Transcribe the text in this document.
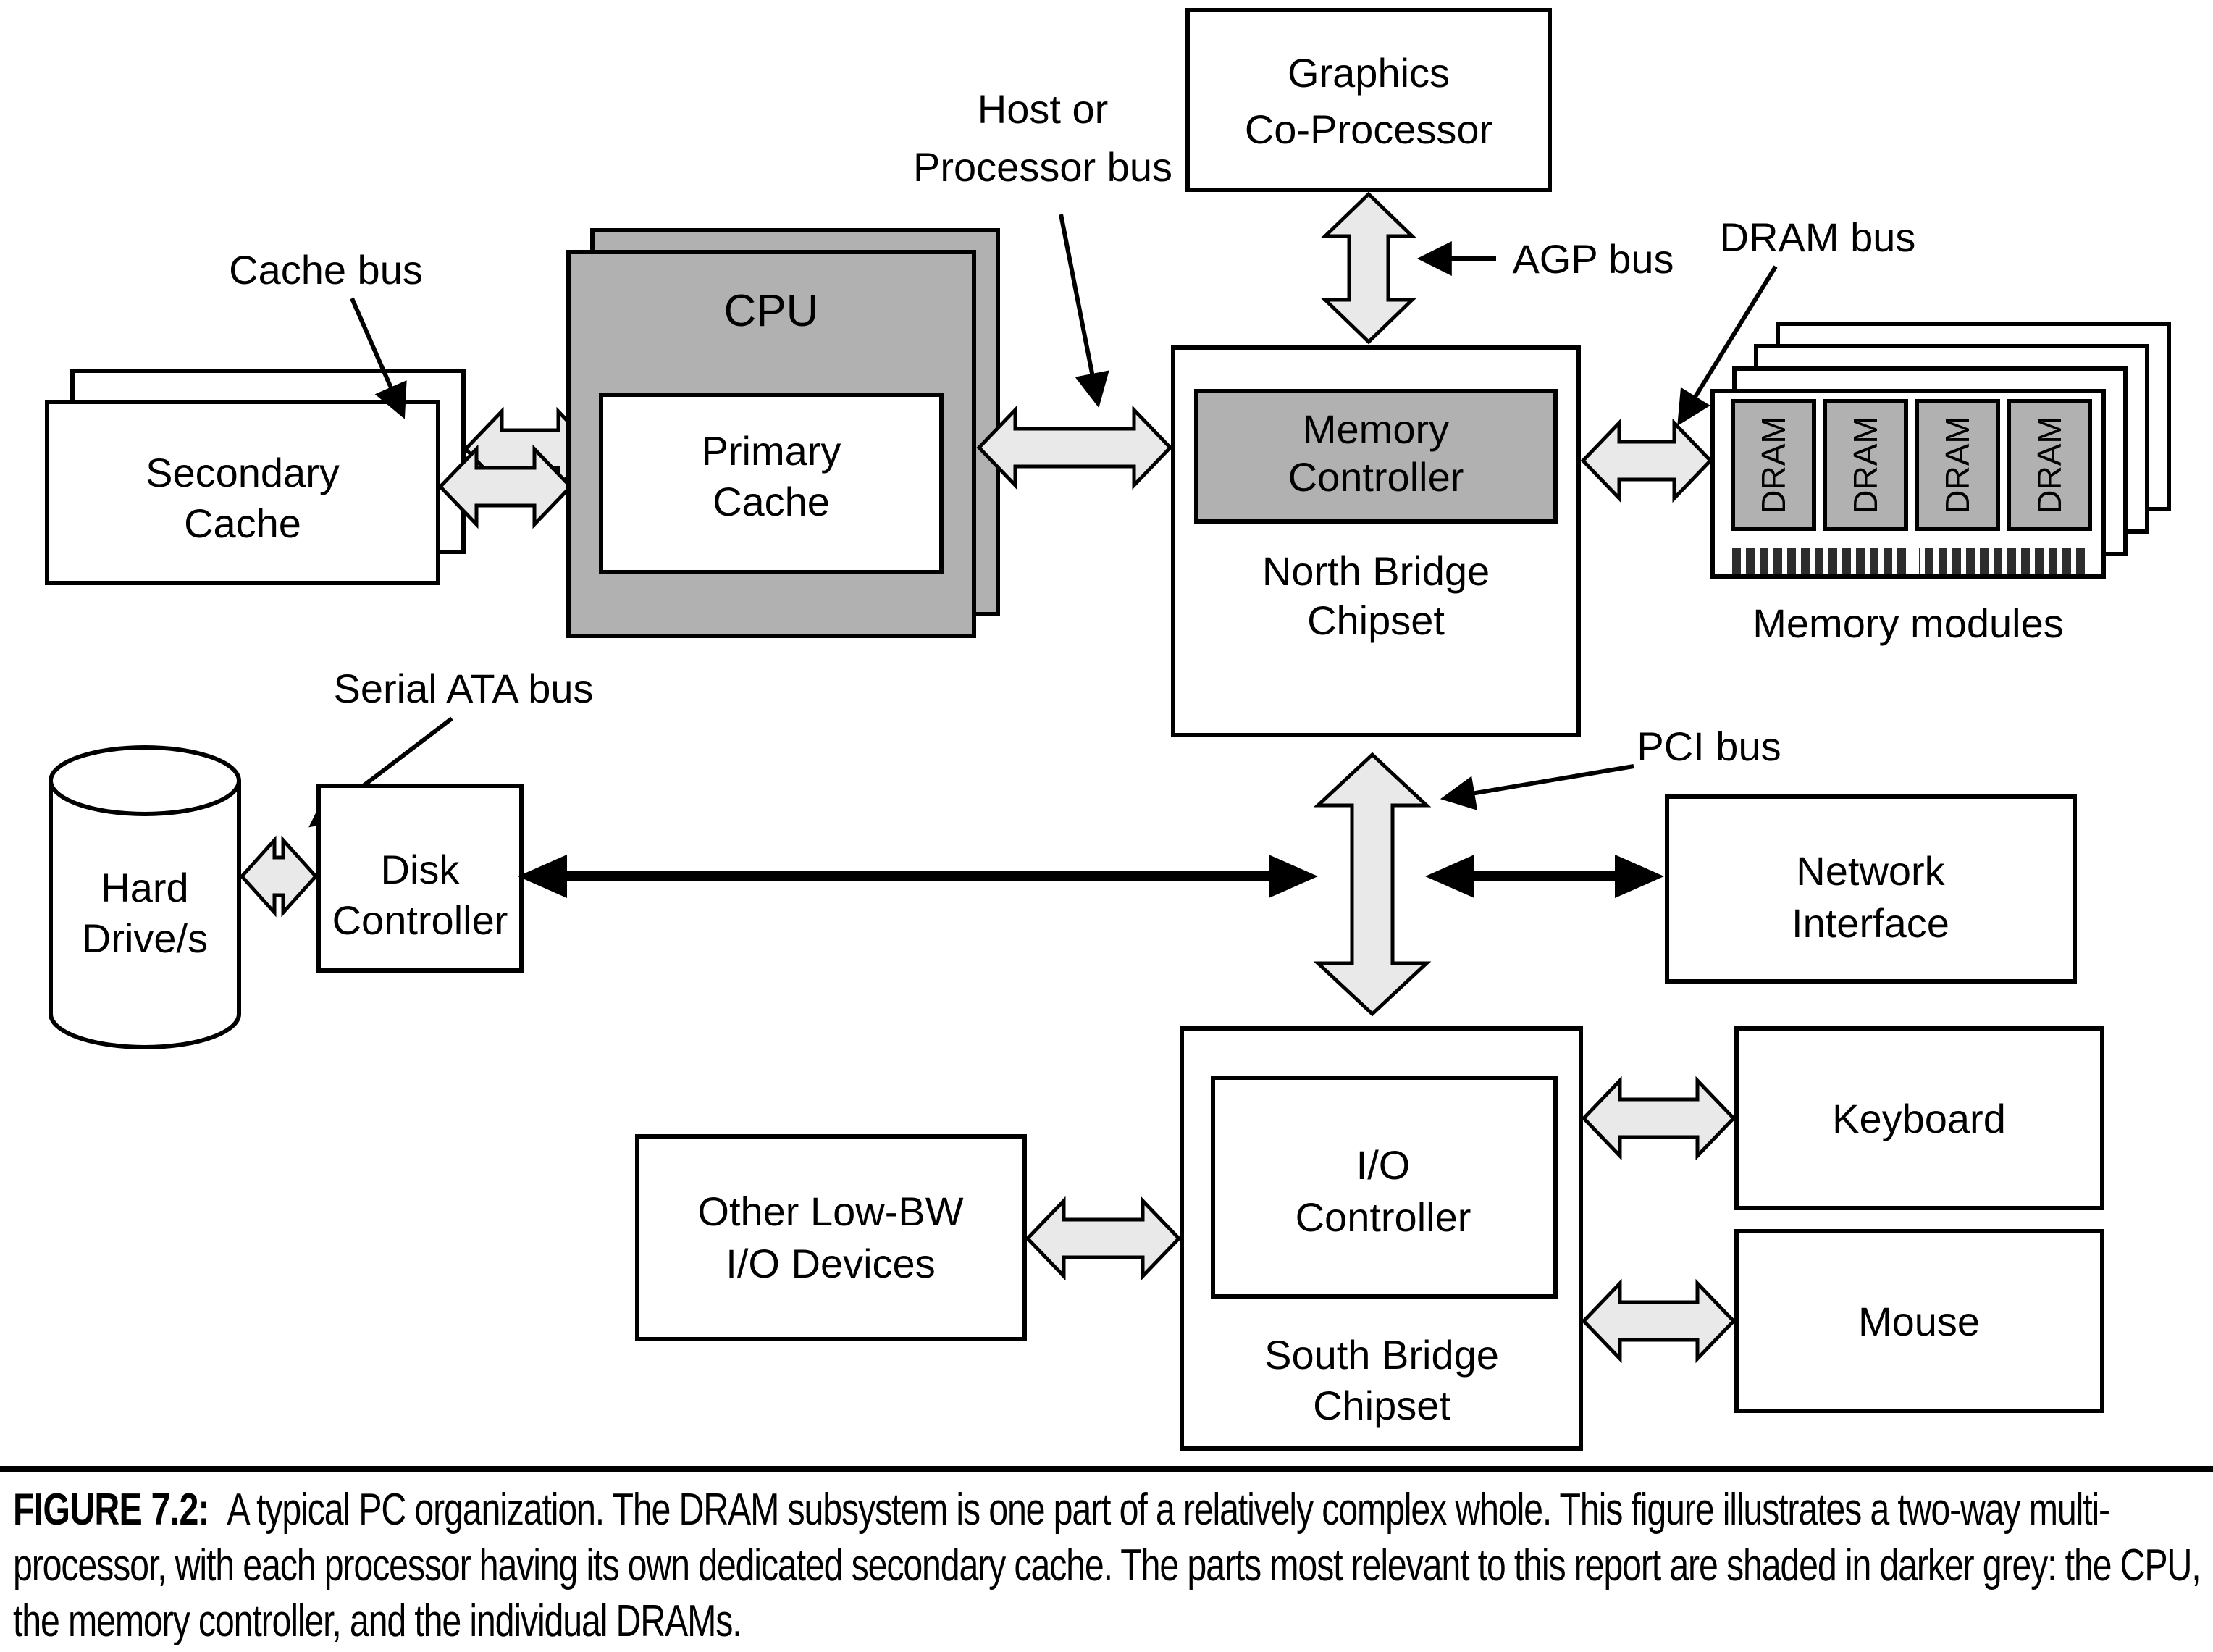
Secondary
Cache
CPU
Primary
Cache
Cache bus
Host or
Processor bus
Graphics
Co-Processor
AGP bus
Memory
Controller
North Bridge
Chipset
DRAM bus
DRAM DRAM DRAM DRAM
Memory modules
Serial ATA bus
Hard
Drive/s
Disk
Controller
PCI bus
Network
Interface
I/O
Controller
South Bridge
Chipset
Other Low-BW
I/O Devices
Keyboard
Mouse
FIGURE 7.2: A typical PC organization. The DRAM subsystem is one part of a relatively complex whole. This figure illustrates a two-way multi-processor, with each processor having its own dedicated secondary cache. The parts most relevant to this report are shaded in darker grey: the CPU, the memory controller, and the individual DRAMs.
